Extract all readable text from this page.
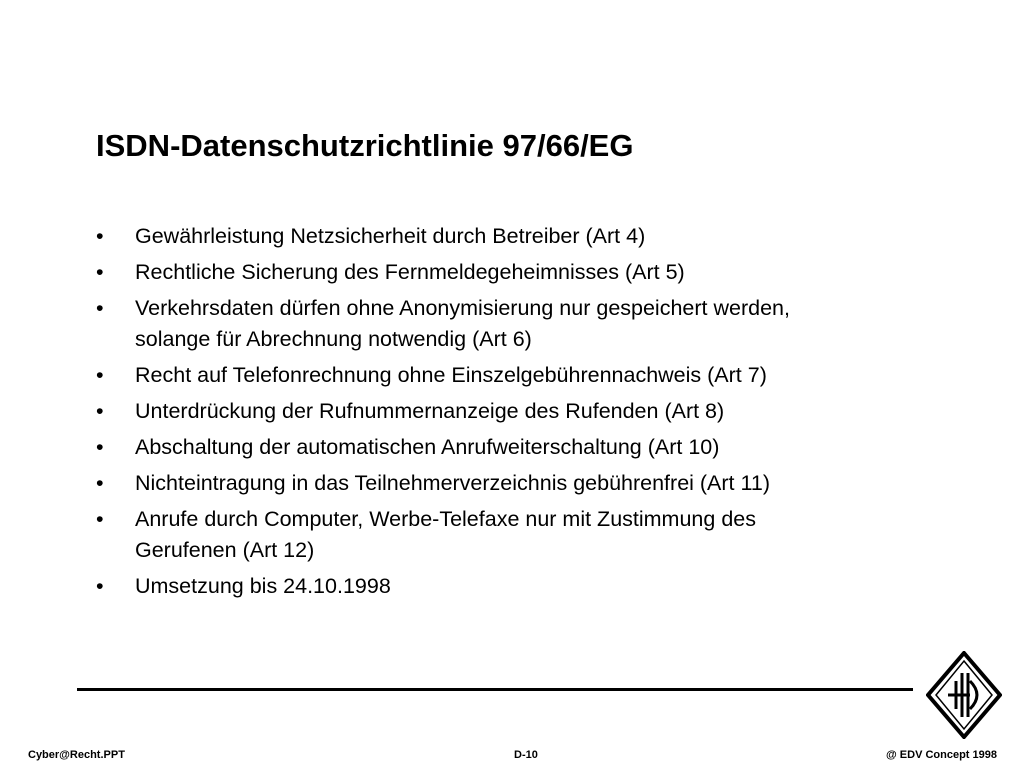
ISDN-Datenschutzrichtlinie 97/66/EG
•	Gewährleistung Netzsicherheit durch Betreiber (Art 4)
•	Rechtliche Sicherung des Fernmeldegeheimnisses (Art 5)
•	Verkehrsdaten dürfen ohne Anonymisierung nur gespeichert werden,
solange für Abrechnung notwendig (Art 6)
•	Recht auf Telefonrechnung ohne Einszelgebührennachweis (Art 7)
•	Unterdrückung der Rufnummernanzeige des Rufenden (Art 8)
•	Abschaltung der automatischen Anrufweiterschaltung (Art 10)
•	Nichteintragung in das Teilnehmerverzeichnis gebührenfrei (Art 11)
•	Anrufe durch Computer, Werbe-Telefaxe nur mit Zustimmung des
Gerufenen (Art 12)
•	Umsetzung bis 24.10.1998
Cyber@Recht.PPT	D-10	@ EDV Concept 1998
